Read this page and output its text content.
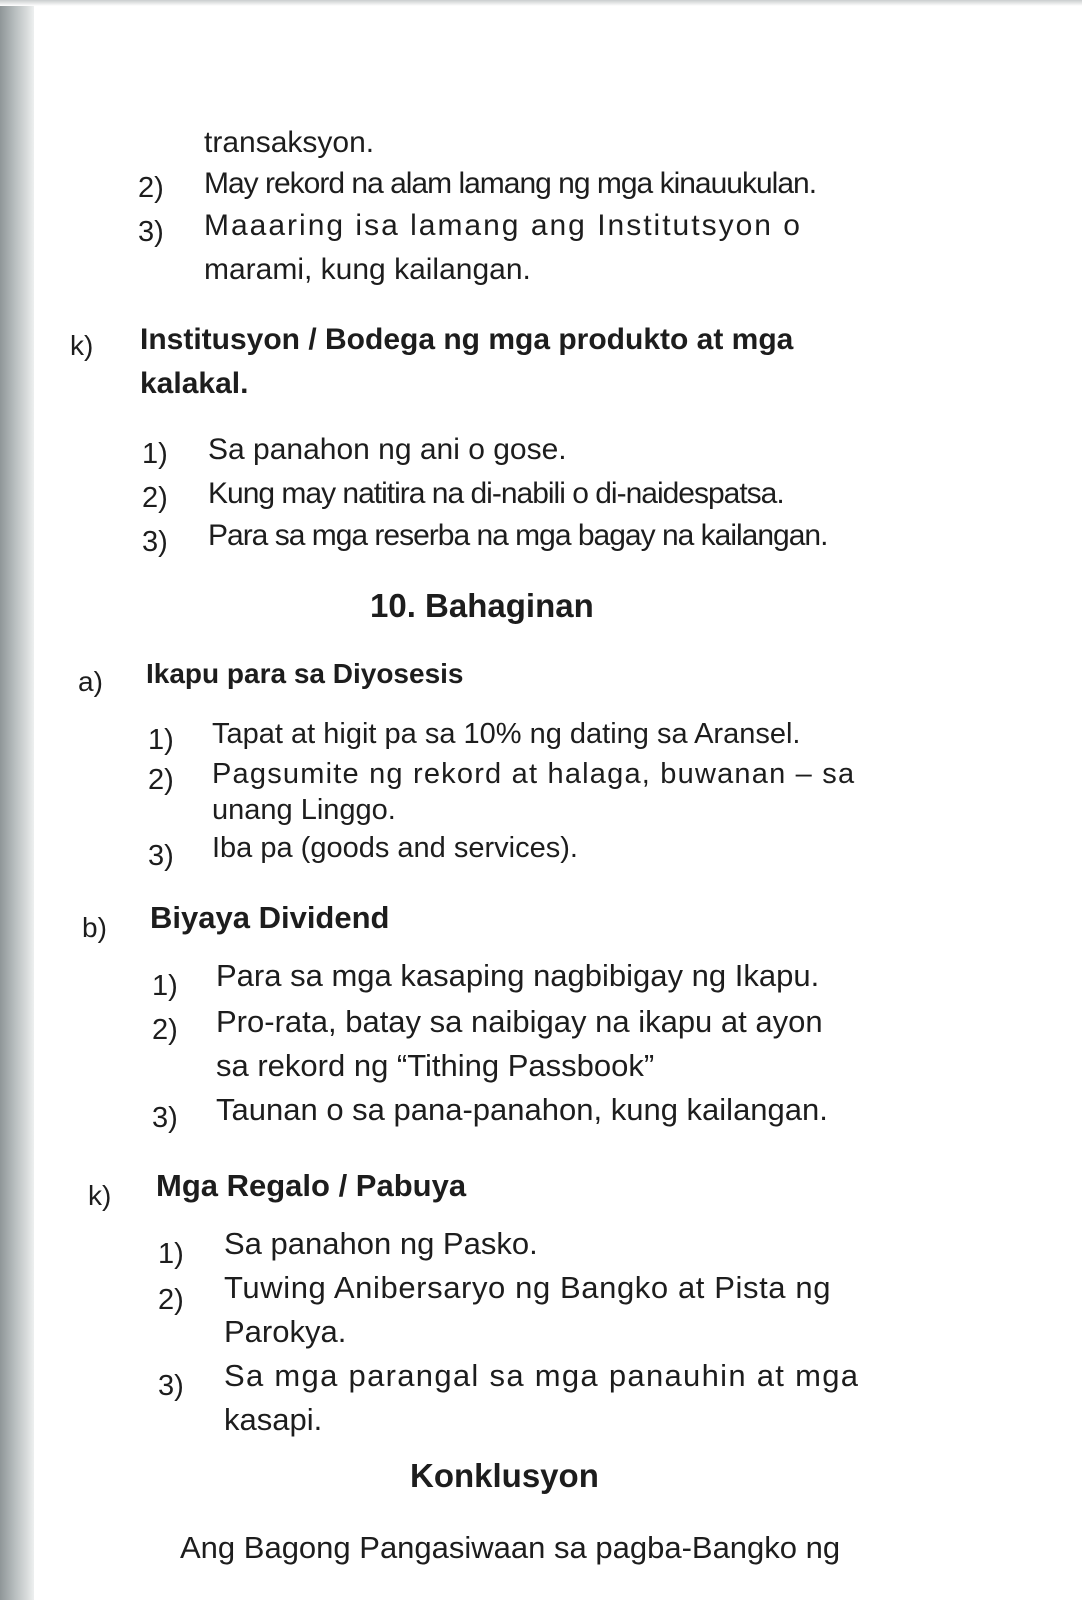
transaksyon.
2) May rekord na alam lamang ng mga kinauukulan.
3) Maaaring isa lamang ang Institutsyon o
marami, kung kailangan.
k) Institusyon / Bodega ng mga produkto at mga
kalakal.
1) Sa panahon ng ani o gose.
2) Kung may natitira na di-nabili o di-naidespatsa.
3) Para sa mga reserba na mga bagay na kailangan.
10. Bahaginan
a) Ikapu para sa Diyosesis
1) Tapat at higit pa sa 10% ng dating sa Aransel.
2) Pagsumite ng rekord at halaga, buwanan – sa
unang Linggo.
3) Iba pa (goods and services).
b) Biyaya Dividend
1) Para sa mga kasaping nagbibigay ng Ikapu.
2) Pro-rata, batay sa naibigay na ikapu at ayon
sa rekord ng “Tithing Passbook”
3) Taunan o sa pana-panahon, kung kailangan.
k) Mga Regalo / Pabuya
1) Sa panahon ng Pasko.
2) Tuwing Anibersaryo ng Bangko at Pista ng
Parokya.
3) Sa mga parangal sa mga panauhin at mga
kasapi.
Konklusyon
Ang Bagong Pangasiwaan sa pagba-Bangko ng
